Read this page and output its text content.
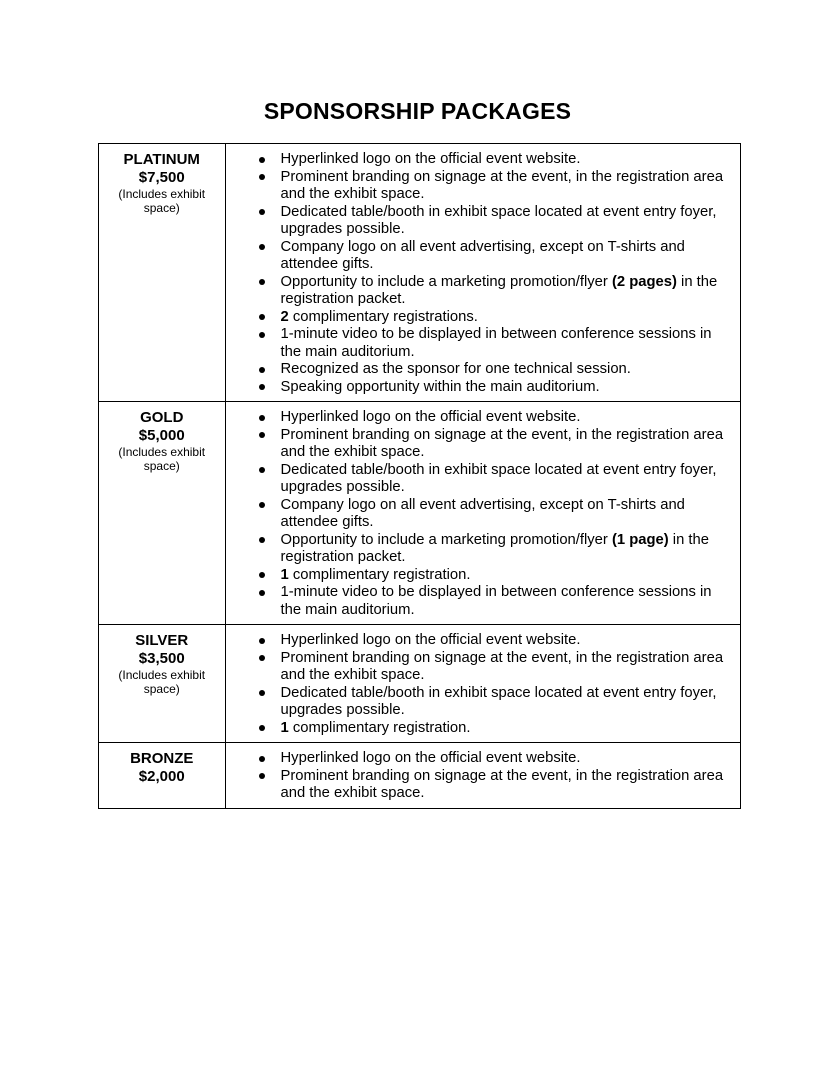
SPONSORSHIP PACKAGES
PLATINUM
$7,500
(Includes exhibit space)
Hyperlinked logo on the official event website.
Prominent branding on signage at the event, in the registration area and the exhibit space.
Dedicated table/booth in exhibit space located at event entry foyer, upgrades possible.
Company logo on all event advertising, except on T-shirts and attendee gifts.
Opportunity to include a marketing promotion/flyer (2 pages) in the registration packet.
2 complimentary registrations.
1-minute video to be displayed in between conference sessions in the main auditorium.
Recognized as the sponsor for one technical session.
Speaking opportunity within the main auditorium.
GOLD
$5,000
(Includes exhibit space)
Hyperlinked logo on the official event website.
Prominent branding on signage at the event, in the registration area and the exhibit space.
Dedicated table/booth in exhibit space located at event entry foyer, upgrades possible.
Company logo on all event advertising, except on T-shirts and attendee gifts.
Opportunity to include a marketing promotion/flyer (1 page) in the registration packet.
1 complimentary registration.
1-minute video to be displayed in between conference sessions in the main auditorium.
SILVER
$3,500
(Includes exhibit space)
Hyperlinked logo on the official event website.
Prominent branding on signage at the event, in the registration area and the exhibit space.
Dedicated table/booth in exhibit space located at event entry foyer, upgrades possible.
1 complimentary registration.
BRONZE
$2,000
Hyperlinked logo on the official event website.
Prominent branding on signage at the event, in the registration area and the exhibit space.
